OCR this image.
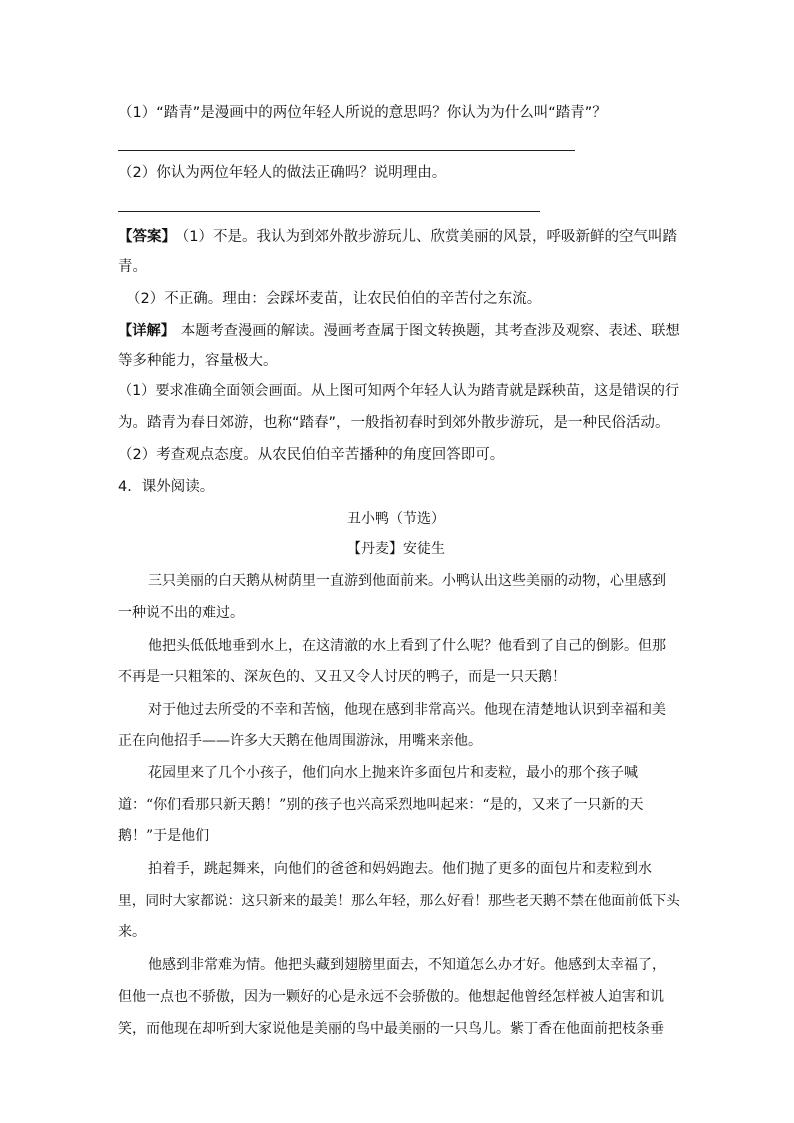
（1）“踏青”是漫画中的两位年轻人所说的意思吗？你认为为什么叫“踏青”？
（2）你认为两位年轻人的做法正确吗？说明理由。
【答案】 （1）不是。我认为到郊外散步游玩儿、欣赏美丽的风景，呼吸新鲜的空气叫踏
青。
（2）不正确。理由：会踩坏麦苗，让农民伯伯的辛苦付之东流。
【详解】 本题考查漫画的解读。漫画考查属于图文转换题，其考查涉及观察、表述、联想
等多种能力，容量极大。
（1）要求准确全面领会画面。从上图可知两个年轻人认为踏青就是踩秧苗，这是错误的行
为。踏青为春日郊游，也称“踏春”，一般指初春时到郊外散步游玩，是一种民俗活动。
（2）考查观点态度。从农民伯伯辛苦播种的角度回答即可。
4．课外阅读。
丑小鸭（节选）
【丹麦】安徒生
三只美丽的白天鹅从树荫里一直游到他面前来。小鸭认出这些美丽的动物，心里感到
一种说不出的难过。
他把头低低地垂到水上，在这清澈的水上看到了什么呢？他看到了自己的倒影。但那
不再是一只粗笨的、深灰色的、又丑又令人讨厌的鸭子，而是一只天鹅！
对于他过去所受的不幸和苦恼，他现在感到非常高兴。他现在清楚地认识到幸福和美
正在向他招手——许多大天鹅在他周围游泳，用嘴来亲他。
花园里来了几个小孩子，他们向水上抛来许多面包片和麦粒，最小的那个孩子喊
道：“你们看那只新天鹅！”别的孩子也兴高采烈地叫起来：“是的，又来了一只新的天
鹅！”于是他们
拍着手，跳起舞来，向他们的爸爸和妈妈跑去。他们抛了更多的面包片和麦粒到水
里，同时大家都说：这只新来的最美！那么年轻，那么好看！那些老天鹅不禁在他面前低下头
来。
他感到非常难为情。他把头藏到翅膀里面去，不知道怎么办才好。他感到太幸福了，
但他一点也不骄傲，因为一颗好的心是永远不会骄傲的。他想起他曾经怎样被人迫害和讥
笑，而他现在却听到大家说他是美丽的鸟中最美丽的一只鸟儿。紫丁香在他面前把枝条垂
